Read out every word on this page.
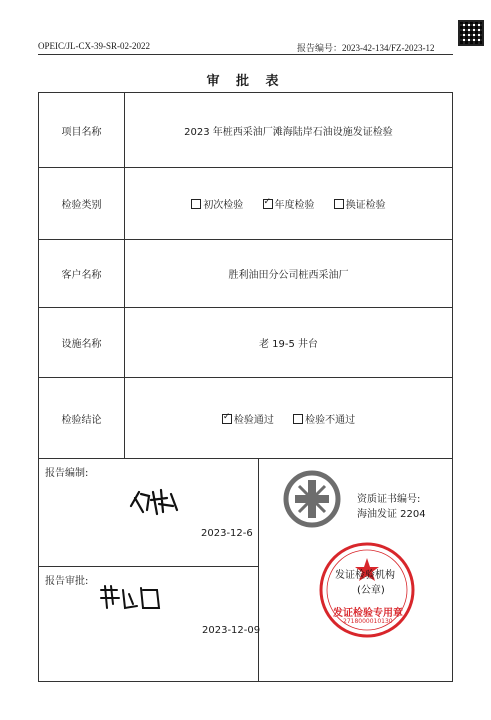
OPEIC/JL-CX-39-SR-02-2022	报告编号：2023-42-134/FZ-2023-12
审 批 表
项目名称	2023 年桩西采油厂滩海陆岸石油设施发证检验
检验类别	初次检验 ✓ 年度检验 换证检验
客户名称	胜利油田分公司桩西采油厂
设施名称	老 19-5 井台
检验结论	✓检验通过 检验不通过
报告编制:
2023-12-6
报告审批:
2023-12-09
资质证书编号:
海油发证 2204
发证检验机构
(公章)
发证检验专用章
2718000010130
